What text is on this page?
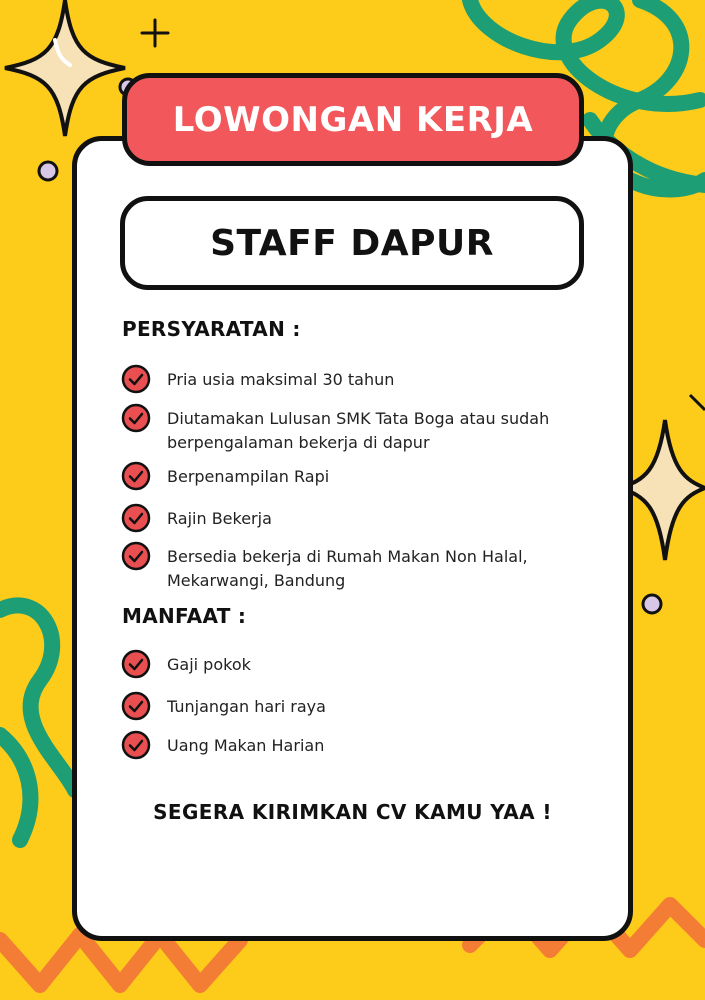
LOWONGAN KERJA
STAFF DAPUR
PERSYARATAN :
Pria usia maksimal 30 tahun
Diutamakan Lulusan SMK Tata Boga atau sudah
berpengalaman bekerja di dapur
Berpenampilan Rapi
Rajin Bekerja
Bersedia bekerja di Rumah Makan Non Halal,
Mekarwangi, Bandung
MANFAAT :
Gaji pokok
Tunjangan hari raya
Uang Makan Harian
SEGERA KIRIMKAN CV KAMU YAA !
